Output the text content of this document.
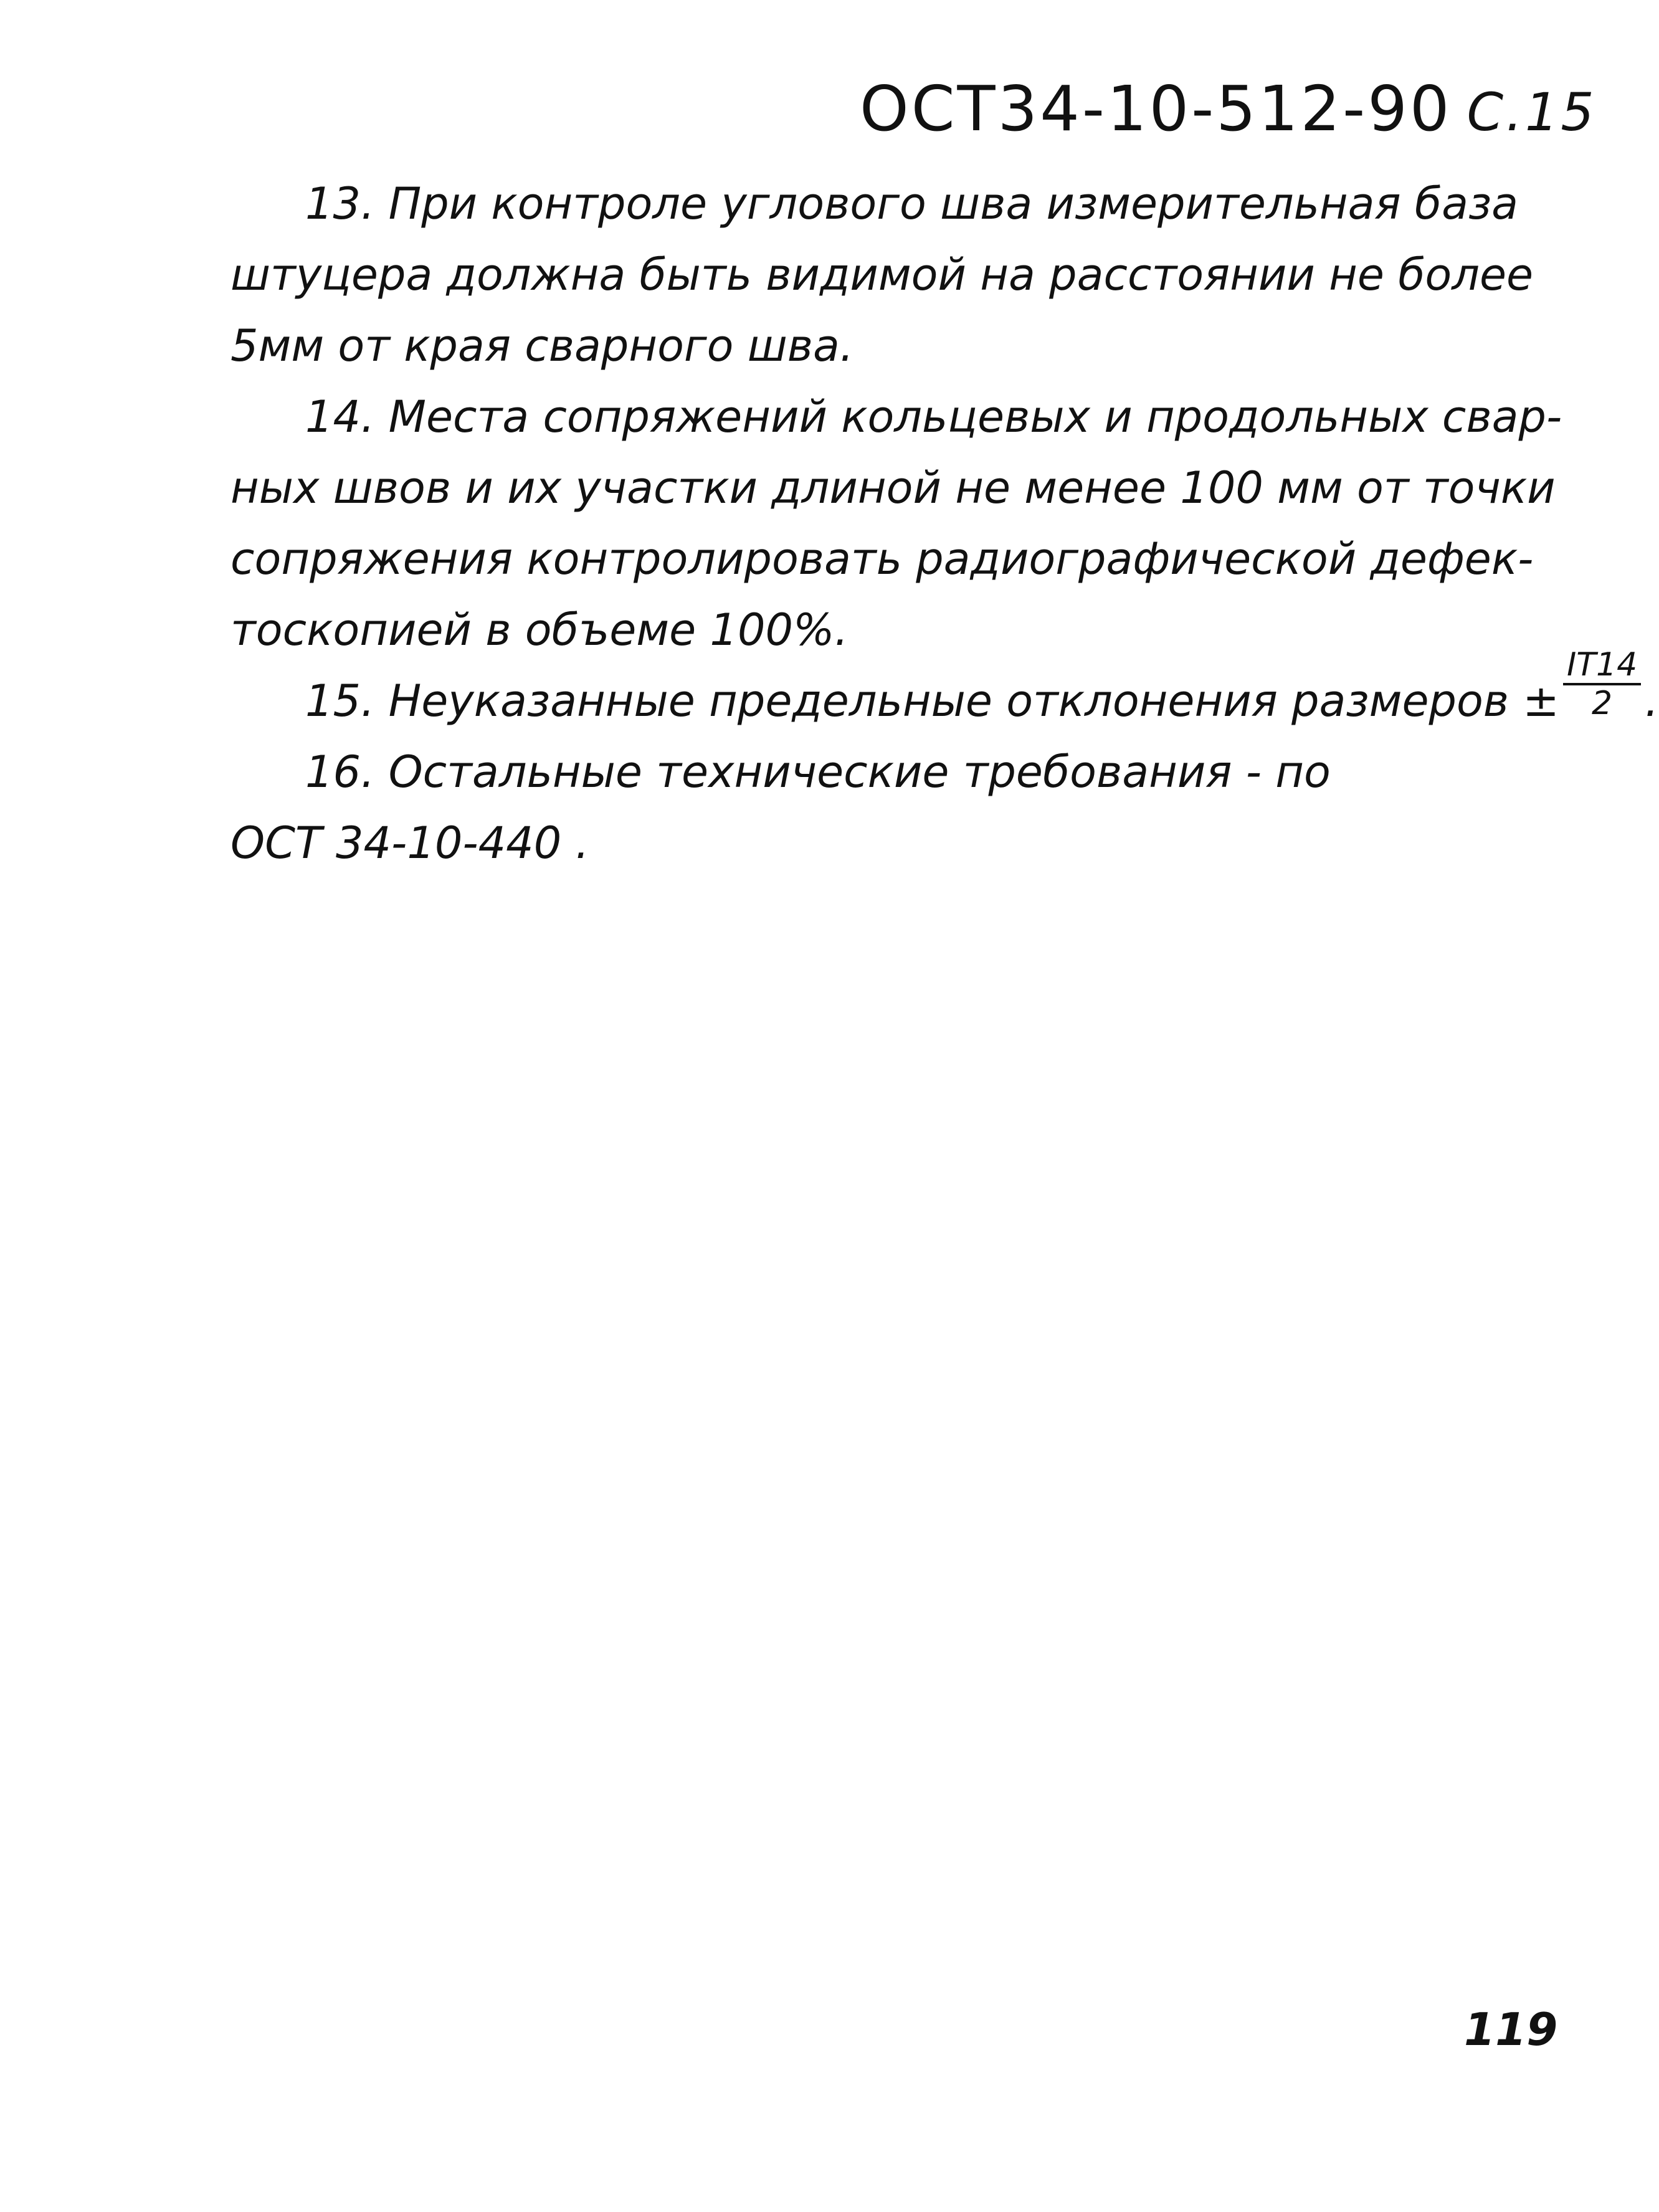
ОСТ34-10-512-90 С.15
13. При контроле углового шва измерительная база
штуцера должна быть видимой на расстоянии не более
5мм от края сварного шва.
14. Места сопряжений кольцевых и продольных свар-
ных швов и их участки длиной не менее 100 мм от точки
сопряжения контролировать радиографической дефек-
тоскопией в объеме 100%.
15. Неуказанные предельные отклонения размеров ± $\frac{IT14}{2}$ .
16. Остальные технические требования - по
ОСТ 34-10-440 .
119
